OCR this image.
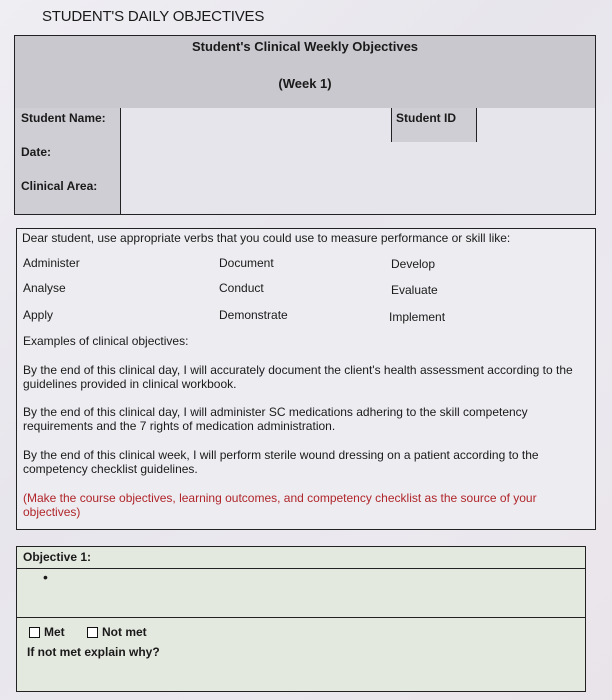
STUDENT'S DAILY OBJECTIVES
Student's Clinical Weekly Objectives
(Week 1)
Student Name:	Student ID
Date:
Clinical Area:
Dear student, use appropriate verbs that you could use to measure performance or skill like:
Administer	Document	Develop
Analyse	Conduct	Evaluate
Apply	Demonstrate	Implement
Examples of clinical objectives:
By the end of this clinical day, I will accurately document the client's health assessment according to the guidelines provided in clinical workbook.
By the end of this clinical day, I will administer SC medications adhering to the skill competency requirements and the 7 rights of medication administration.
By the end of this clinical week, I will perform sterile wound dressing on a patient according to the competency checklist guidelines.
(Make the course objectives, learning outcomes, and competency checklist as the source of your objectives)
Objective 1:
•
Met	Not met
If not met explain why?
